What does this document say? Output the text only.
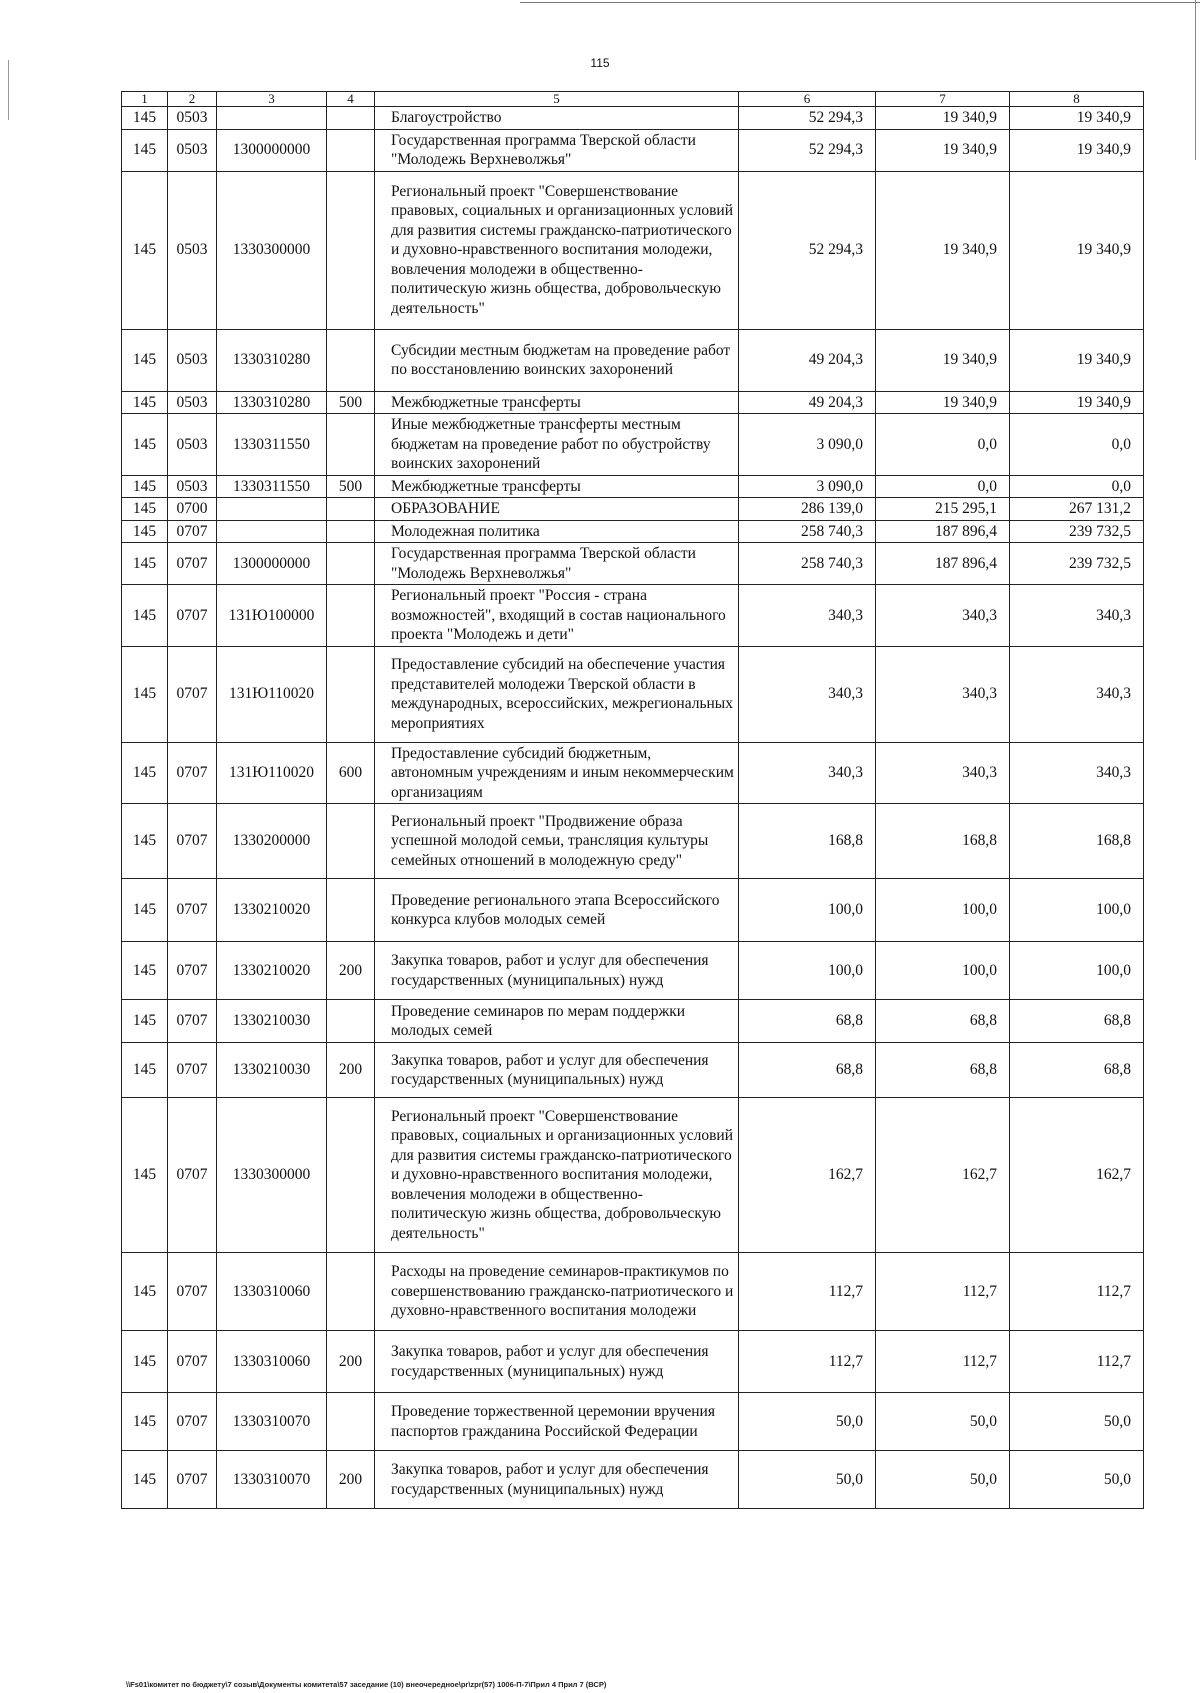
115
1	2	3	4	5	6	7	8
145	0503			Благоустройство	52 294,3	19 340,9	19 340,9
145	0503	1300000000		Государственная программа Тверской области "Молодежь Верхневолжья"	52 294,3	19 340,9	19 340,9
145	0503	1330300000		Региональный проект "Совершенствование правовых, социальных и организационных условий для развития системы гражданско-патриотического и духовно-нравственного воспитания молодежи, вовлечения молодежи в общественно-политическую жизнь общества, добровольческую деятельность"	52 294,3	19 340,9	19 340,9
145	0503	1330310280		Субсидии местным бюджетам на проведение работ по восстановлению воинских захоронений	49 204,3	19 340,9	19 340,9
145	0503	1330310280	500	Межбюджетные трансферты	49 204,3	19 340,9	19 340,9
145	0503	1330311550		Иные межбюджетные трансферты местным бюджетам на проведение работ по обустройству воинских захоронений	3 090,0	0,0	0,0
145	0503	1330311550	500	Межбюджетные трансферты	3 090,0	0,0	0,0
145	0700			ОБРАЗОВАНИЕ	286 139,0	215 295,1	267 131,2
145	0707			Молодежная политика	258 740,3	187 896,4	239 732,5
145	0707	1300000000		Государственная программа Тверской области "Молодежь Верхневолжья"	258 740,3	187 896,4	239 732,5
145	0707	131Ю100000		Региональный проект "Россия - страна возможностей", входящий в состав национального проекта "Молодежь и дети"	340,3	340,3	340,3
145	0707	131Ю110020		Предоставление субсидий на обеспечение участия представителей молодежи Тверской области в международных, всероссийских, межрегиональных мероприятиях	340,3	340,3	340,3
145	0707	131Ю110020	600	Предоставление субсидий бюджетным, автономным учреждениям и иным некоммерческим организациям	340,3	340,3	340,3
145	0707	1330200000		Региональный проект "Продвижение образа успешной молодой семьи, трансляция культуры семейных отношений в молодежную среду"	168,8	168,8	168,8
145	0707	1330210020		Проведение регионального этапа Всероссийского конкурса клубов молодых семей	100,0	100,0	100,0
145	0707	1330210020	200	Закупка товаров, работ и услуг для обеспечения государственных (муниципальных) нужд	100,0	100,0	100,0
145	0707	1330210030		Проведение семинаров по мерам поддержки молодых семей	68,8	68,8	68,8
145	0707	1330210030	200	Закупка товаров, работ и услуг для обеспечения государственных (муниципальных) нужд	68,8	68,8	68,8
145	0707	1330300000		Региональный проект "Совершенствование правовых, социальных и организационных условий для развития системы гражданско-патриотического и духовно-нравственного воспитания молодежи, вовлечения молодежи в общественно-политическую жизнь общества, добровольческую деятельность"	162,7	162,7	162,7
145	0707	1330310060		Расходы на проведение семинаров-практикумов по совершенствованию гражданско-патриотического и духовно-нравственного воспитания молодежи	112,7	112,7	112,7
145	0707	1330310060	200	Закупка товаров, работ и услуг для обеспечения государственных (муниципальных) нужд	112,7	112,7	112,7
145	0707	1330310070		Проведение торжественной церемонии вручения паспортов гражданина Российской Федерации	50,0	50,0	50,0
145	0707	1330310070	200	Закупка товаров, работ и услуг для обеспечения государственных (муниципальных) нужд	50,0	50,0	50,0
\\Fs01\комитет по бюджету\7 созыв\Документы комитета\57 заседание (10) внеочередное\pr\zpr(57) 1006-П-7\Прил 4 Прил 7 (ВСР)
